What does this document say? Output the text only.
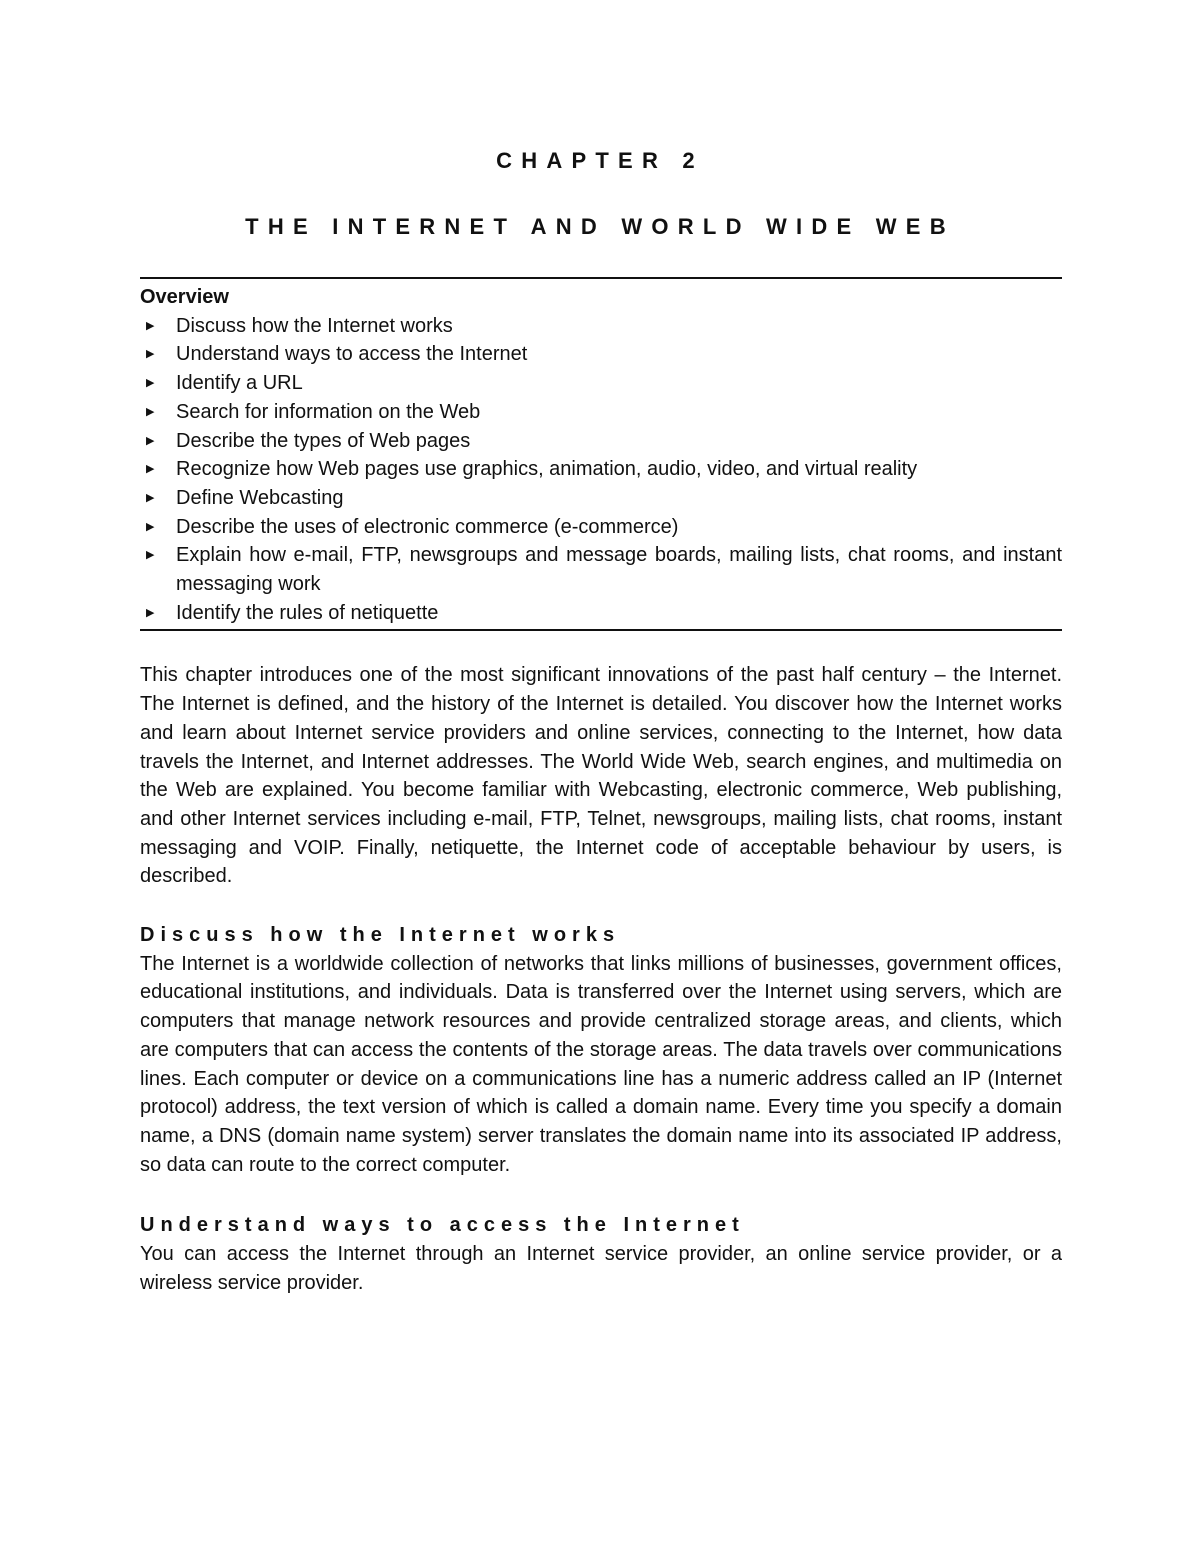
CHAPTER 2
THE INTERNET AND WORLD WIDE WEB
Overview
▶ Discuss how the Internet works
▶ Understand ways to access the Internet
▶ Identify a URL
▶ Search for information on the Web
▶ Describe the types of Web pages
▶ Recognize how Web pages use graphics, animation, audio, video, and virtual reality
▶ Define Webcasting
▶ Describe the uses of electronic commerce (e-commerce)
▶ Explain how e-mail, FTP, newsgroups and message boards, mailing lists, chat rooms, and instant messaging work
▶ Identify the rules of netiquette

This chapter introduces one of the most significant innovations of the past half century – the Internet. The Internet is defined, and the history of the Internet is detailed. You discover how the Internet works and learn about Internet service providers and online services, connecting to the Internet, how data travels the Internet, and Internet addresses. The World Wide Web, search engines, and multimedia on the Web are explained. You become familiar with Webcasting, electronic commerce, Web publishing, and other Internet services including e-mail, FTP, Telnet, newsgroups, mailing lists, chat rooms, instant messaging and VOIP. Finally, netiquette, the Internet code of acceptable behaviour by users, is described.

Discuss how the Internet works

The Internet is a worldwide collection of networks that links millions of businesses, government offices, educational institutions, and individuals. Data is transferred over the Internet using servers, which are computers that manage network resources and provide centralized storage areas, and clients, which are computers that can access the contents of the storage areas. The data travels over communications lines. Each computer or device on a communications line has a numeric address called an IP (Internet protocol) address, the text version of which is called a domain name. Every time you specify a domain name, a DNS (domain name system) server translates the domain name into its associated IP address, so data can route to the correct computer.

Understand ways to access the Internet

You can access the Internet through an Internet service provider, an online service provider, or a wireless service provider.
